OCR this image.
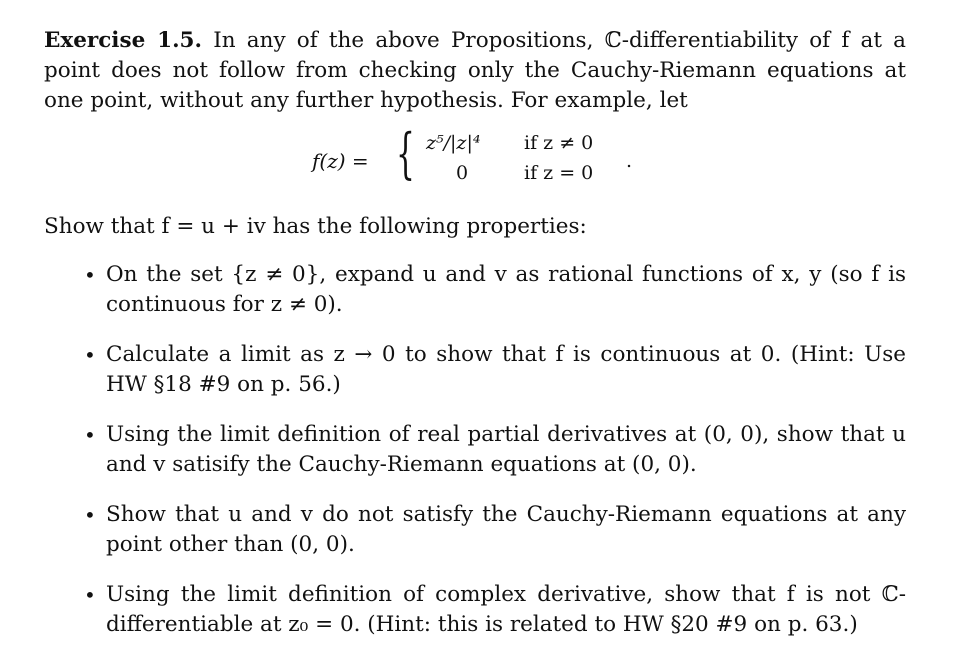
Exercise 1.5. In any of the above Propositions, ℂ-differentiability of f at a point does not follow from checking only the Cauchy-Riemann equations at one point, without any further hypothesis. For example, let

f(z) = { z⁵/|z|⁴ if z ≠ 0
0	if z = 0
.

Show that f = u + iv has the following properties:

• On the set {z ≠ 0}, expand u and v as rational functions of x, y (so f is continuous for z ≠ 0).
• Calculate a limit as z → 0 to show that f is continuous at 0. (Hint: Use HW §18 #9 on p. 56.)
• Using the limit definition of real partial derivatives at (0, 0), show that u and v satisify the Cauchy-Riemann equations at (0, 0).
• Show that u and v do not satisfy the Cauchy-Riemann equations at any point other than (0, 0).
• Using the limit definition of complex derivative, show that f is not ℂ-differentiable at z₀ = 0. (Hint: this is related to HW §20 #9 on p. 63.)
